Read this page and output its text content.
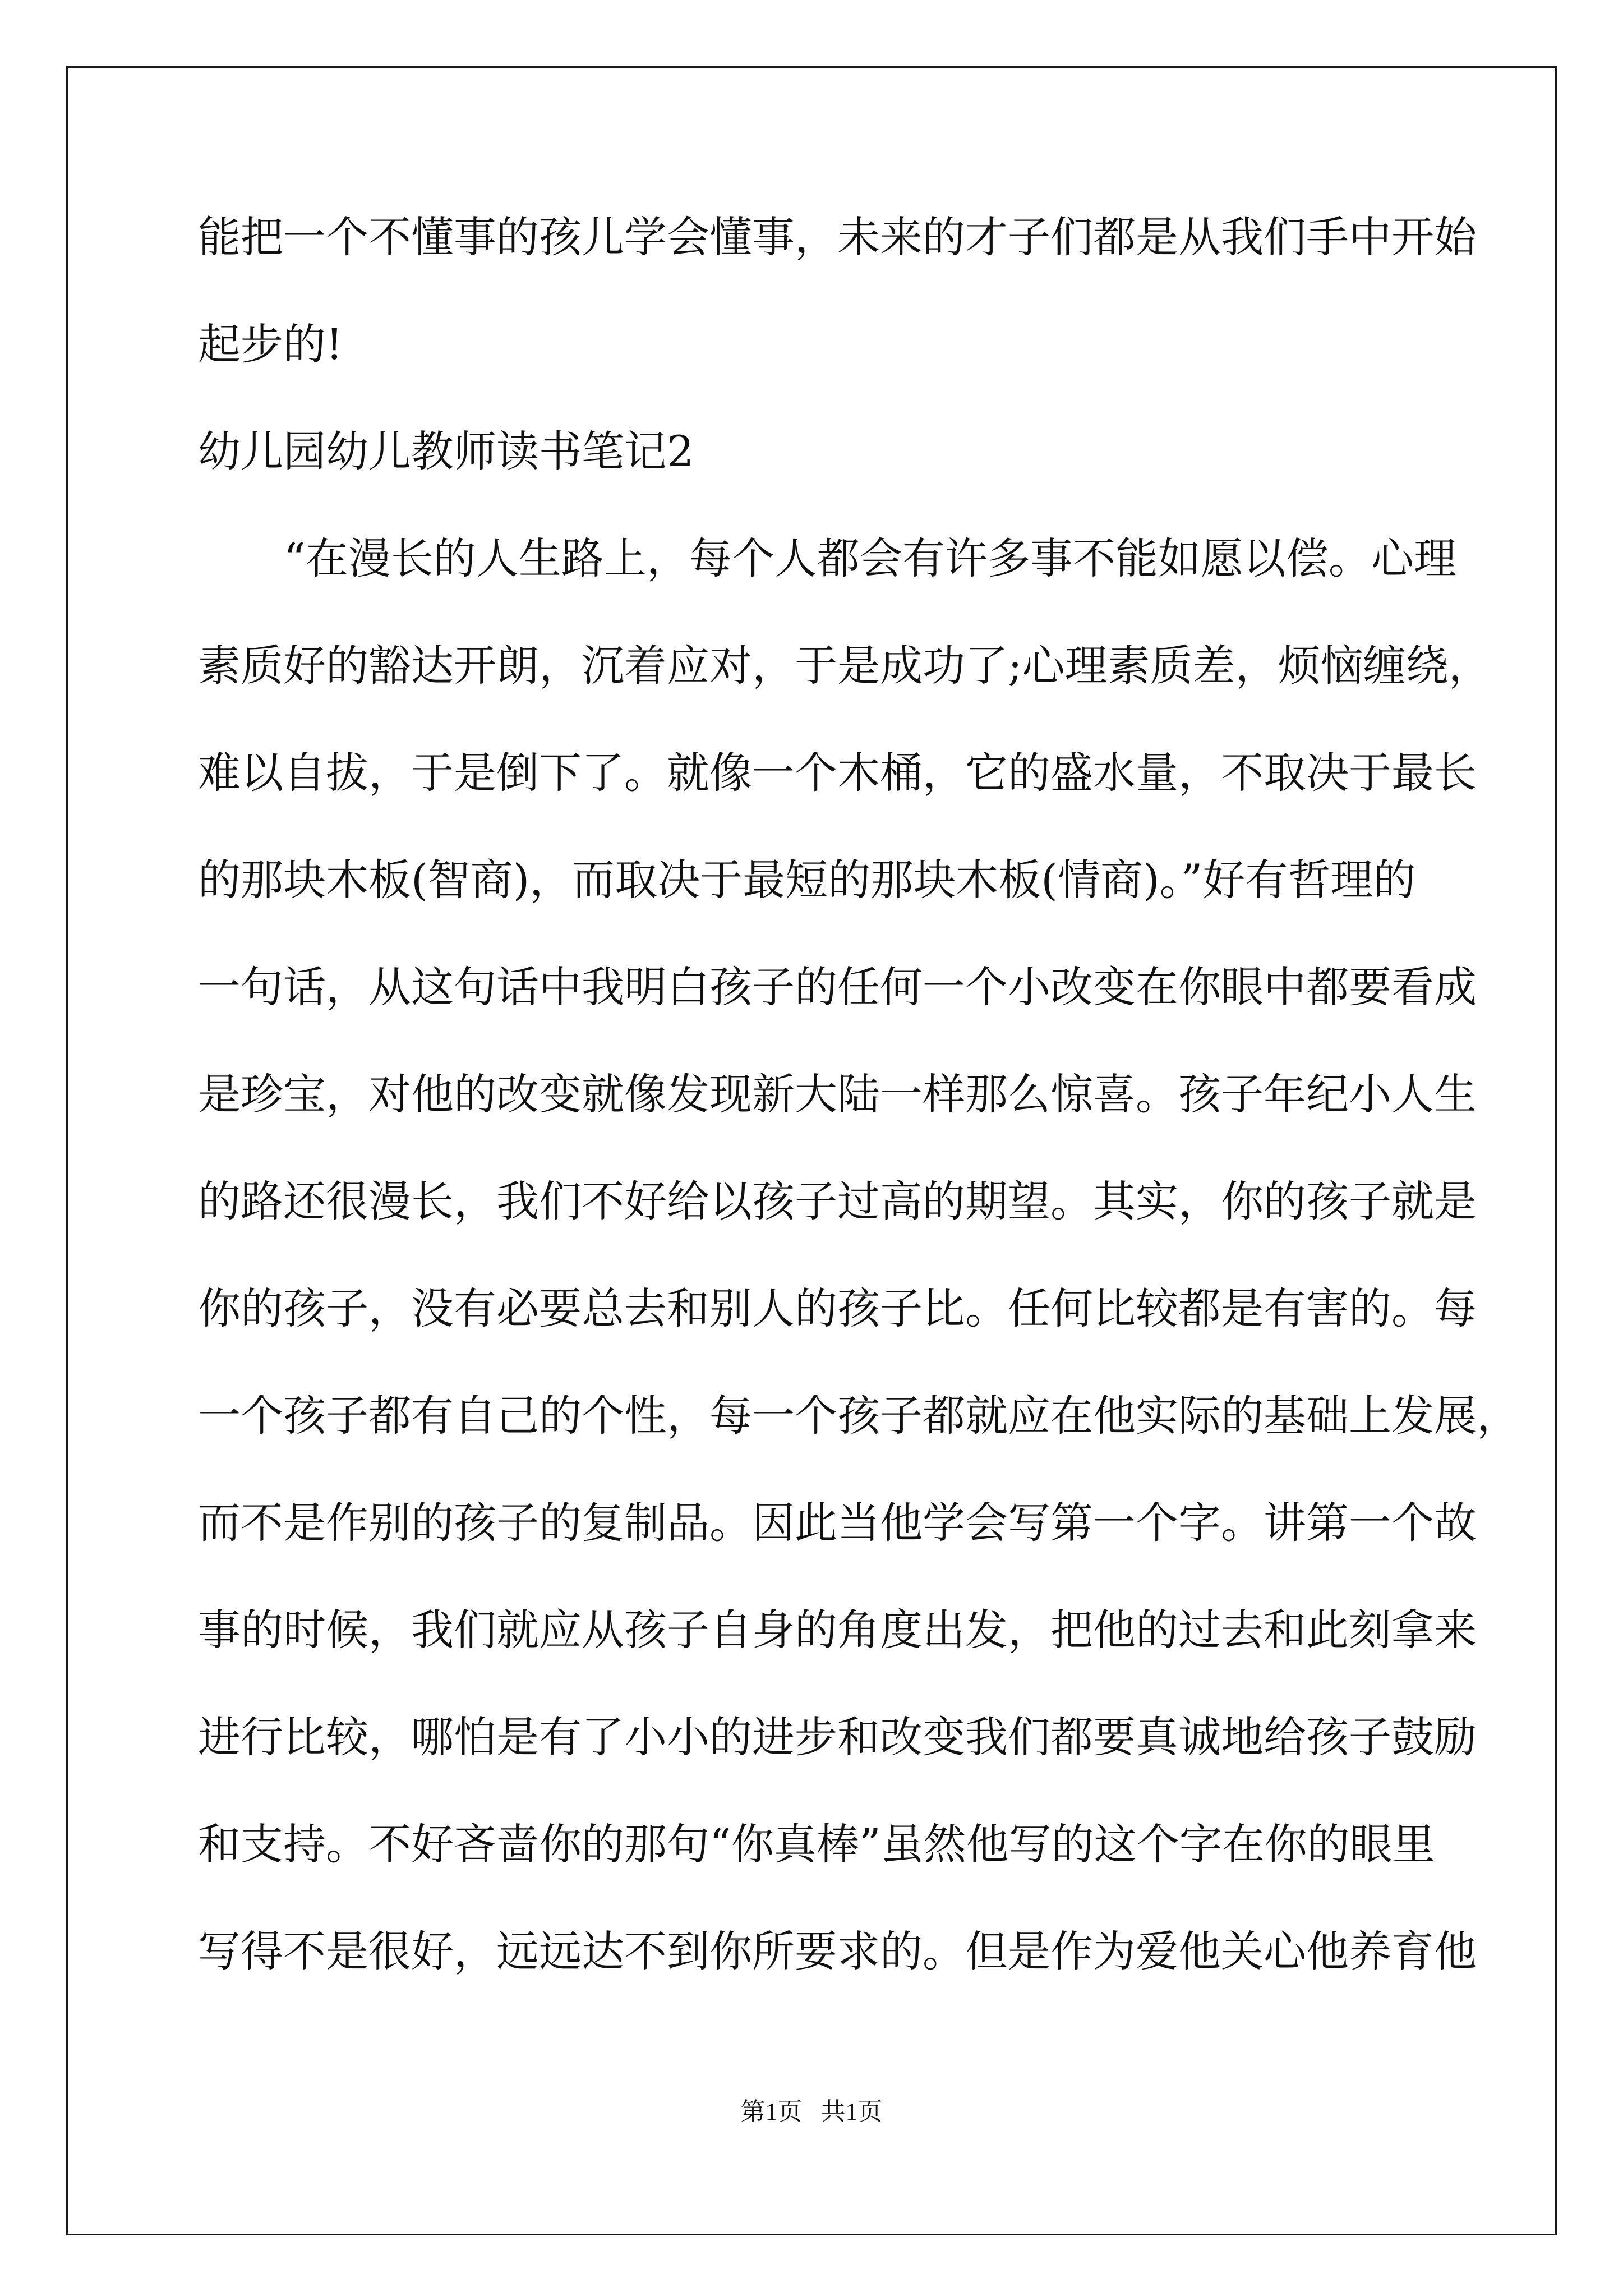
能把一个不懂事的孩儿学会懂事，未来的才子们都是从我们手中开始

起步的!

幼儿园幼儿教师读书笔记2

“在漫长的人生路上，每个人都会有许多事不能如愿以偿。心理

素质好的豁达开朗，沉着应对，于是成功了;心理素质差，烦恼缠绕，

难以自拔，于是倒下了。就像一个木桶，它的盛水量，不取决于最长

的那块木板(智商)，而取决于最短的那块木板(情商)。”好有哲理的

一句话，从这句话中我明白孩子的任何一个小改变在你眼中都要看成

是珍宝，对他的改变就像发现新大陆一样那么惊喜。孩子年纪小人生

的路还很漫长，我们不好给以孩子过高的期望。其实，你的孩子就是

你的孩子，没有必要总去和别人的孩子比。任何比较都是有害的。每

一个孩子都有自己的个性，每一个孩子都就应在他实际的基础上发展，

而不是作别的孩子的复制品。因此当他学会写第一个字。讲第一个故

事的时候，我们就应从孩子自身的角度出发，把他的过去和此刻拿来

进行比较，哪怕是有了小小的进步和改变我们都要真诚地给孩子鼓励

和支持。不好吝啬你的那句“你真棒”虽然他写的这个字在你的眼里

写得不是很好，远远达不到你所要求的。但是作为爱他关心他养育他

第1页   共1页
